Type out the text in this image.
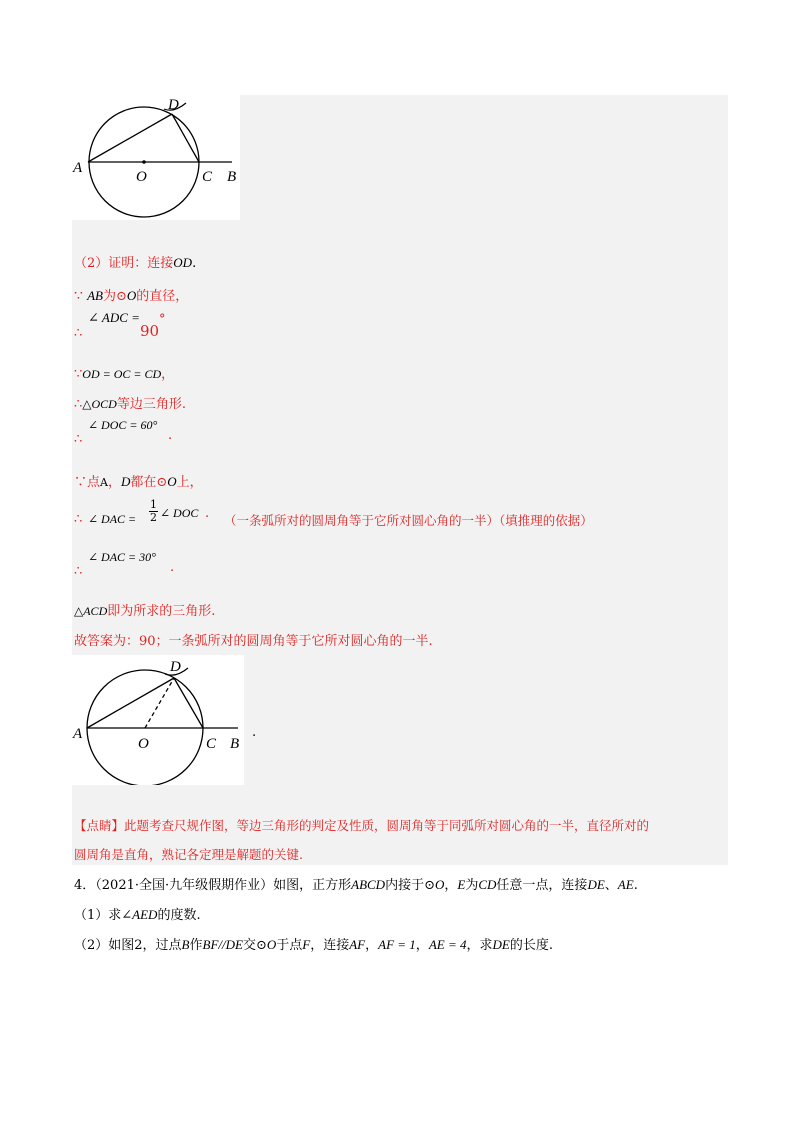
A
O	C B
D
（2）证明：连接OD.
∵ AB为⊙O的直径，
∠ ADC =
∴	90
°
∵OD = OC = CD，
∴△OCD等边三角形.
∠ DOC = 60°
∴	.
∵点A，D都在⊙O上，
∴ ∠ DAC = $\frac{1}{2}$ ∠ DOC . （一条弧所对的圆周角等于它所对圆心角的一半）（填推理的依据）
∠ DAC = 30°
∴	.
△ACD即为所求的三角形.
故答案为：90；一条弧所对的圆周角等于它所对圆心角的一半.
A
O	C B
D
.
【点睛】此题考查尺规作图，等边三角形的判定及性质，圆周角等于同弧所对圆心角的一半，直径所对的
圆周角是直角，熟记各定理是解题的关键.
4．（2021·全国·九年级假期作业）如图，正方形ABCD内接于⊙O，E为CD任意一点，连接DE、AE.
（1）求∠AED的度数.
（2）如图2，过点B作BF//DE交⊙O于点F，连接AF，AF = 1，AE = 4，求DE的长度.
